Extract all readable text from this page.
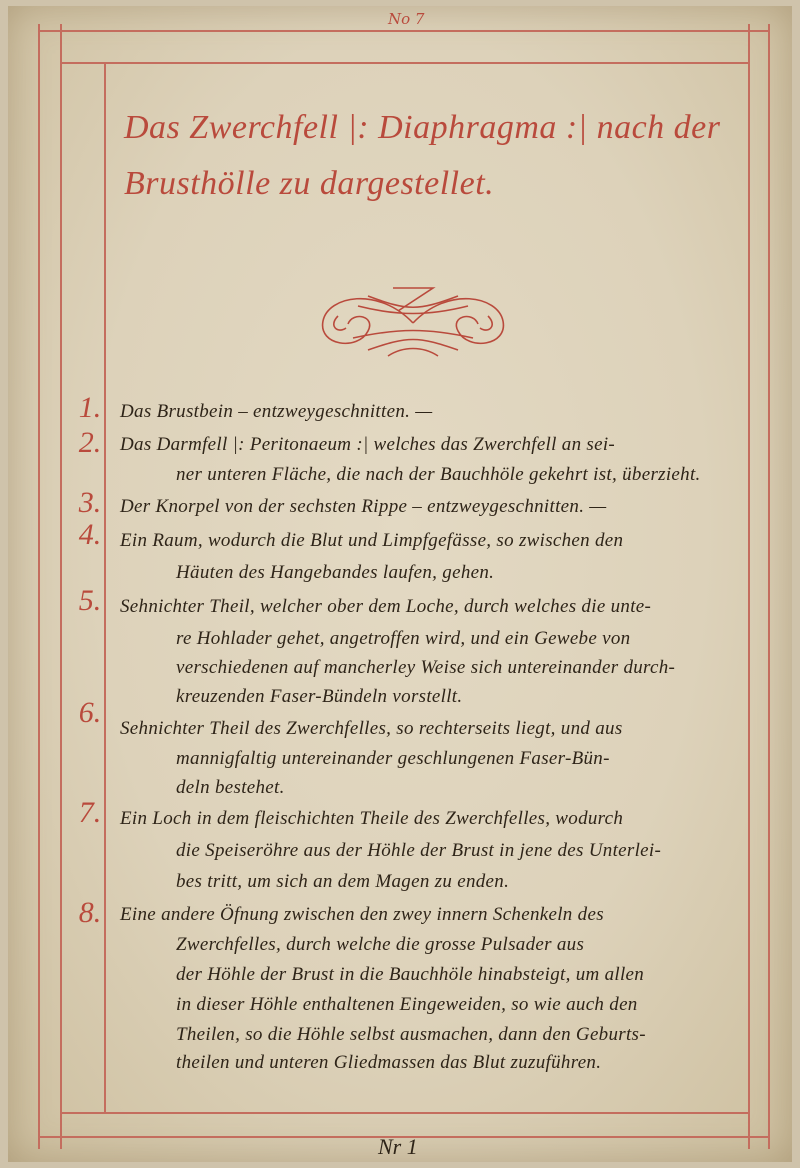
No 7
Das Zwerchfell |: Diaphragma :| nach der
Brusthölle zu dargestellet.
1. Das Brustbein – entzweygeschnitten. —
2. Das Darmfell |: Peritonaeum :| welches das Zwerchfell an sei-
ner unteren Fläche, die nach der Bauchhöle gekehrt ist, überzieht.
3. Der Knorpel von der sechsten Rippe – entzweygeschnitten. —
4. Ein Raum, wodurch die Blut und Limpfgefässe, so zwischen den
Häuten des Hangebandes laufen, gehen.
5. Sehnichter Theil, welcher ober dem Loche, durch welches die unte-
re Hohlader gehet, angetroffen wird, und ein Gewebe von
verschiedenen auf mancherley Weise sich untereinander durch-
kreuzenden Faser-Bündeln vorstellt.
6. Sehnichter Theil des Zwerchfelles, so rechterseits liegt, und aus
mannigfaltig untereinander geschlungenen Faser-Bün-
deln bestehet.
7. Ein Loch in dem fleischichten Theile des Zwerchfelles, wodurch
die Speiseröhre aus der Höhle der Brust in jene des Unterlei-
bes tritt, um sich an dem Magen zu enden.
8. Eine andere Öfnung zwischen den zwey innern Schenkeln des
Zwerchfelles, durch welche die grosse Pulsader aus
der Höhle der Brust in die Bauchhöle hinabsteigt, um allen
in dieser Höhle enthaltenen Eingeweiden, so wie auch den
Theilen, so die Höhle selbst ausmachen, dann den Geburts-
theilen und unteren Gliedmassen das Blut zuzuführen.
Nr 1
